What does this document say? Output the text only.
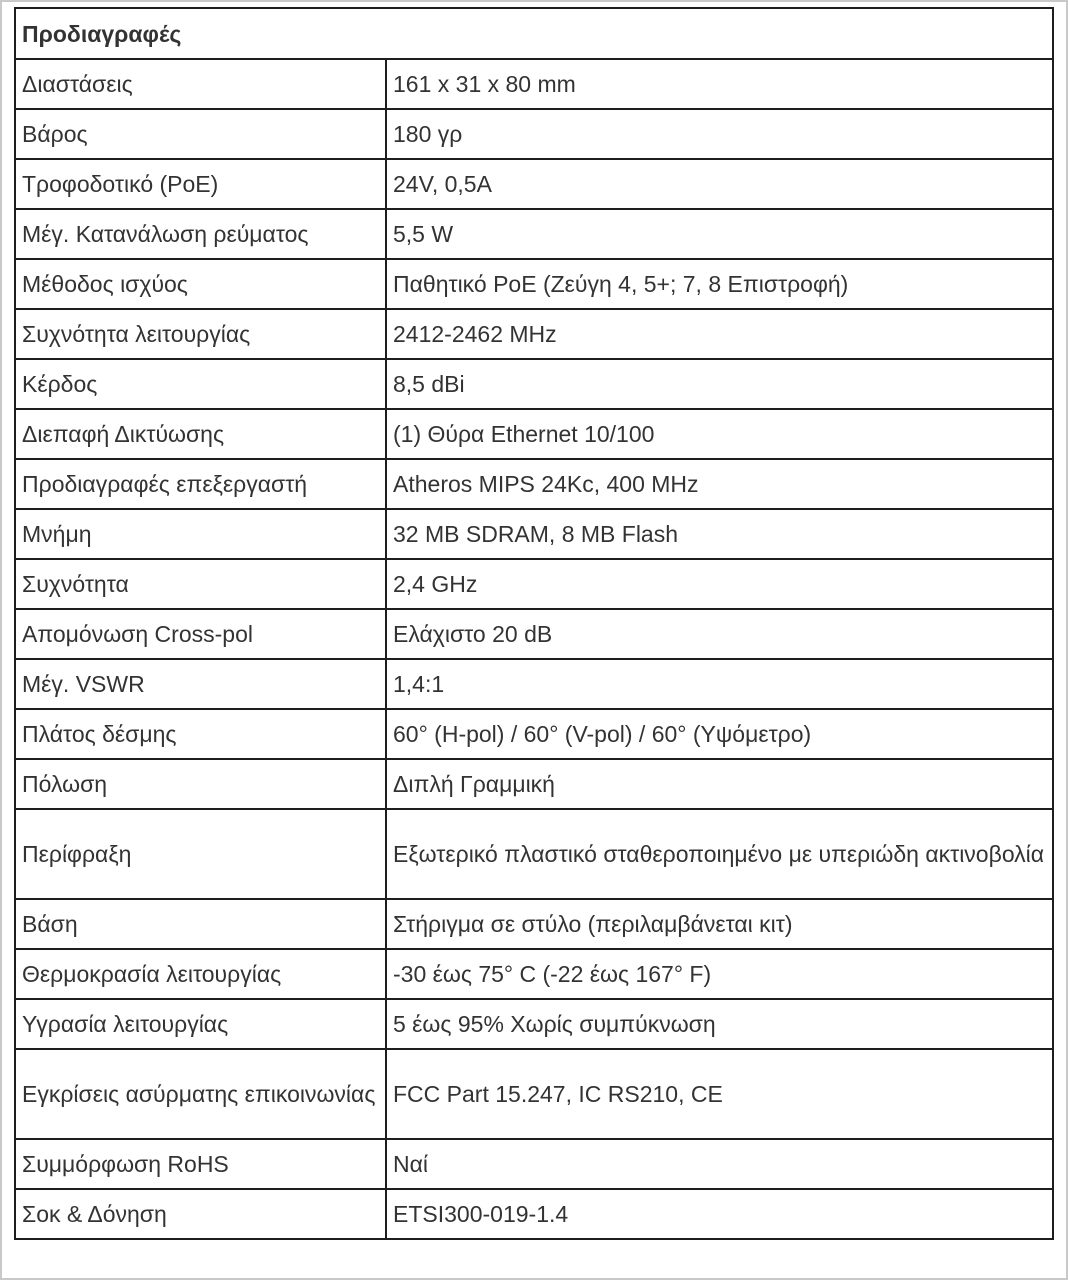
Προδιαγραφές	
Διαστάσεις	161 x 31 x 80 mm
Βάρος	180 γρ
Τροφοδοτικό (PoE)	24V, 0,5A
Μέγ. Κατανάλωση ρεύματος	5,5 W
Μέθοδος ισχύος	Παθητικό PoE (Ζεύγη 4, 5+; 7, 8 Επιστροφή)
Συχνότητα λειτουργίας	2412-2462 MHz
Κέρδος	8,5 dBi
Διεπαφή Δικτύωσης	(1) Θύρα Ethernet 10/100
Προδιαγραφές επεξεργαστή	Atheros MIPS 24Kc, 400 MHz
Μνήμη	32 MB SDRAM, 8 MB Flash
Συχνότητα	2,4 GHz
Απομόνωση Cross-pol	Ελάχιστο 20 dB
Μέγ. VSWR	1,4:1
Πλάτος δέσμης	60° (H-pol) / 60° (V-pol) / 60° (Υψόμετρο)
Πόλωση	Διπλή Γραμμική
Περίφραξη	Εξωτερικό πλαστικό σταθεροποιημένο με υπεριώδη ακτινοβολία
Βάση	Στήριγμα σε στύλο (περιλαμβάνεται κιτ)
Θερμοκρασία λειτουργίας	-30 έως 75° C (-22 έως 167° F)
Υγρασία λειτουργίας	5 έως 95% Χωρίς συμπύκνωση
Εγκρίσεις ασύρματης επικοινωνίας	FCC Part 15.247, IC RS210, CE
Συμμόρφωση RoHS	Ναί
Σοκ & Δόνηση	ETSI300-019-1.4
